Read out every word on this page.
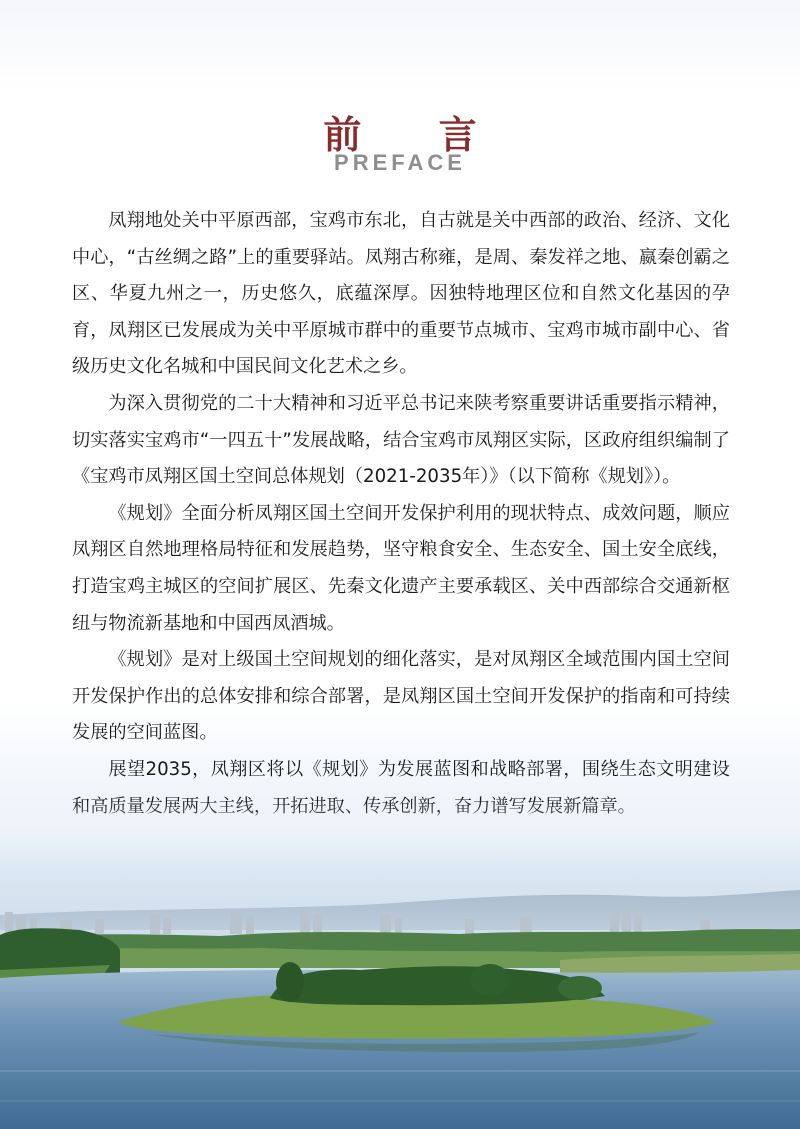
前 言
PREFACE

凤翔地处关中平原西部，宝鸡市东北，自古就是关中西部的政治、经济、文化中心，“古丝绸之路”上的重要驿站。凤翔古称雍，是周、秦发祥之地、嬴秦创霸之区、华夏九州之一，历史悠久，底蕴深厚。因独特地理区位和自然文化基因的孕育，凤翔区已发展成为关中平原城市群中的重要节点城市、宝鸡市城市副中心、省级历史文化名城和中国民间文化艺术之乡。

为深入贯彻党的二十大精神和习近平总书记来陕考察重要讲话重要指示精神，切实落实宝鸡市“一四五十”发展战略，结合宝鸡市凤翔区实际，区政府组织编制了《宝鸡市凤翔区国土空间总体规划（2021-2035年）》（以下简称《规划》）。

《规划》全面分析凤翔区国土空间开发保护利用的现状特点、成效问题，顺应凤翔区自然地理格局特征和发展趋势，坚守粮食安全、生态安全、国土安全底线，打造宝鸡主城区的空间扩展区、先秦文化遗产主要承载区、关中西部综合交通新枢纽与物流新基地和中国西凤酒城。

《规划》是对上级国土空间规划的细化落实，是对凤翔区全域范围内国土空间开发保护作出的总体安排和综合部署，是凤翔区国土空间开发保护的指南和可持续发展的空间蓝图。

展望2035，凤翔区将以《规划》为发展蓝图和战略部署，围绕生态文明建设
